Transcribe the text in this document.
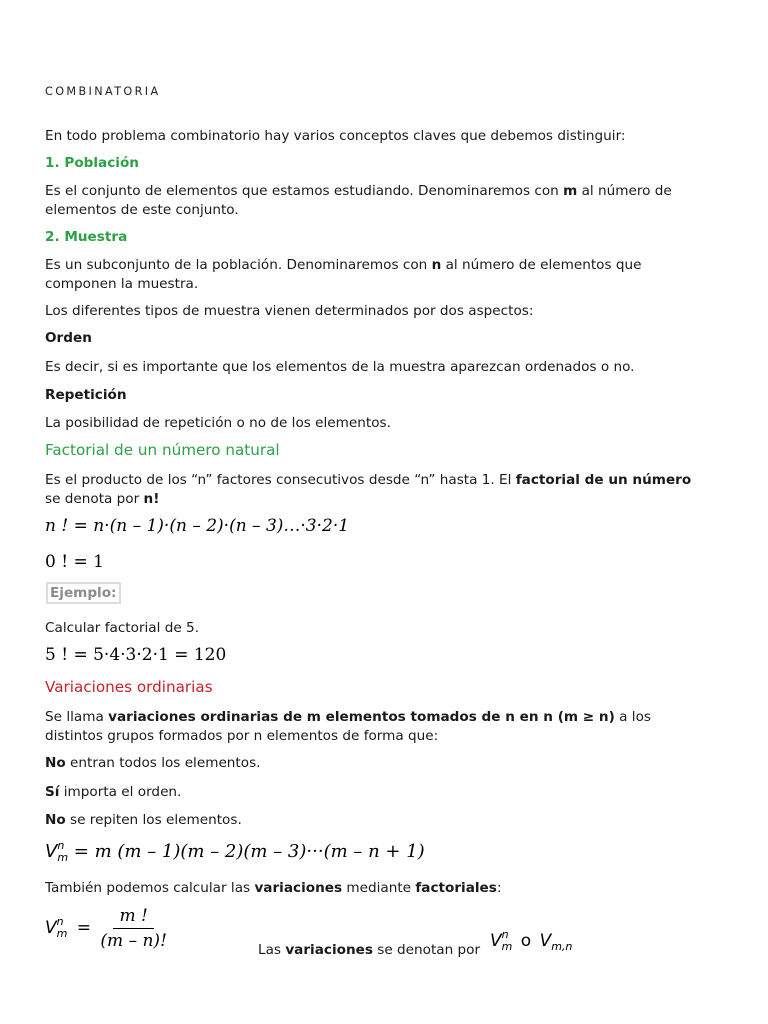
COMBINATORIA

En todo problema combinatorio hay varios conceptos claves que debemos distinguir:

1. Población

Es el conjunto de elementos que estamos estudiando. Denominaremos con m al número de elementos de este conjunto.

2. Muestra

Es un subconjunto de la población. Denominaremos con n al número de elementos que componen la muestra.

Los diferentes tipos de muestra vienen determinados por dos aspectos:

Orden

Es decir, si es importante que los elementos de la muestra aparezcan ordenados o no.

Repetición

La posibilidad de repetición o no de los elementos.

Factorial de un número natural

Es el producto de los “n” factores consecutivos desde “n” hasta 1. El factorial de un número se denota por n!

n ! = n·(n – 1)·(n – 2)·(n – 3)…·3·2·1
0 ! = 1
Ejemplo:

Calcular factorial de 5.

5 ! = 5·4·3·2·1 = 120

Variaciones ordinarias

Se llama variaciones ordinarias de m elementos tomados de n en n (m ≥ n) a los distintos grupos formados por n elementos de forma que:

No entran todos los elementos.

Sí importa el orden.

No se repiten los elementos.

$V^n_m = m$ (m – 1)(m – 2)(m – 3)···(m – n + 1)

También podemos calcular las variaciones mediante factoriales:

$V^n_m = \frac{m !}{(m - n)!}$	Las variaciones se denotan por $V^n_m$ o $V_{m,n}$
